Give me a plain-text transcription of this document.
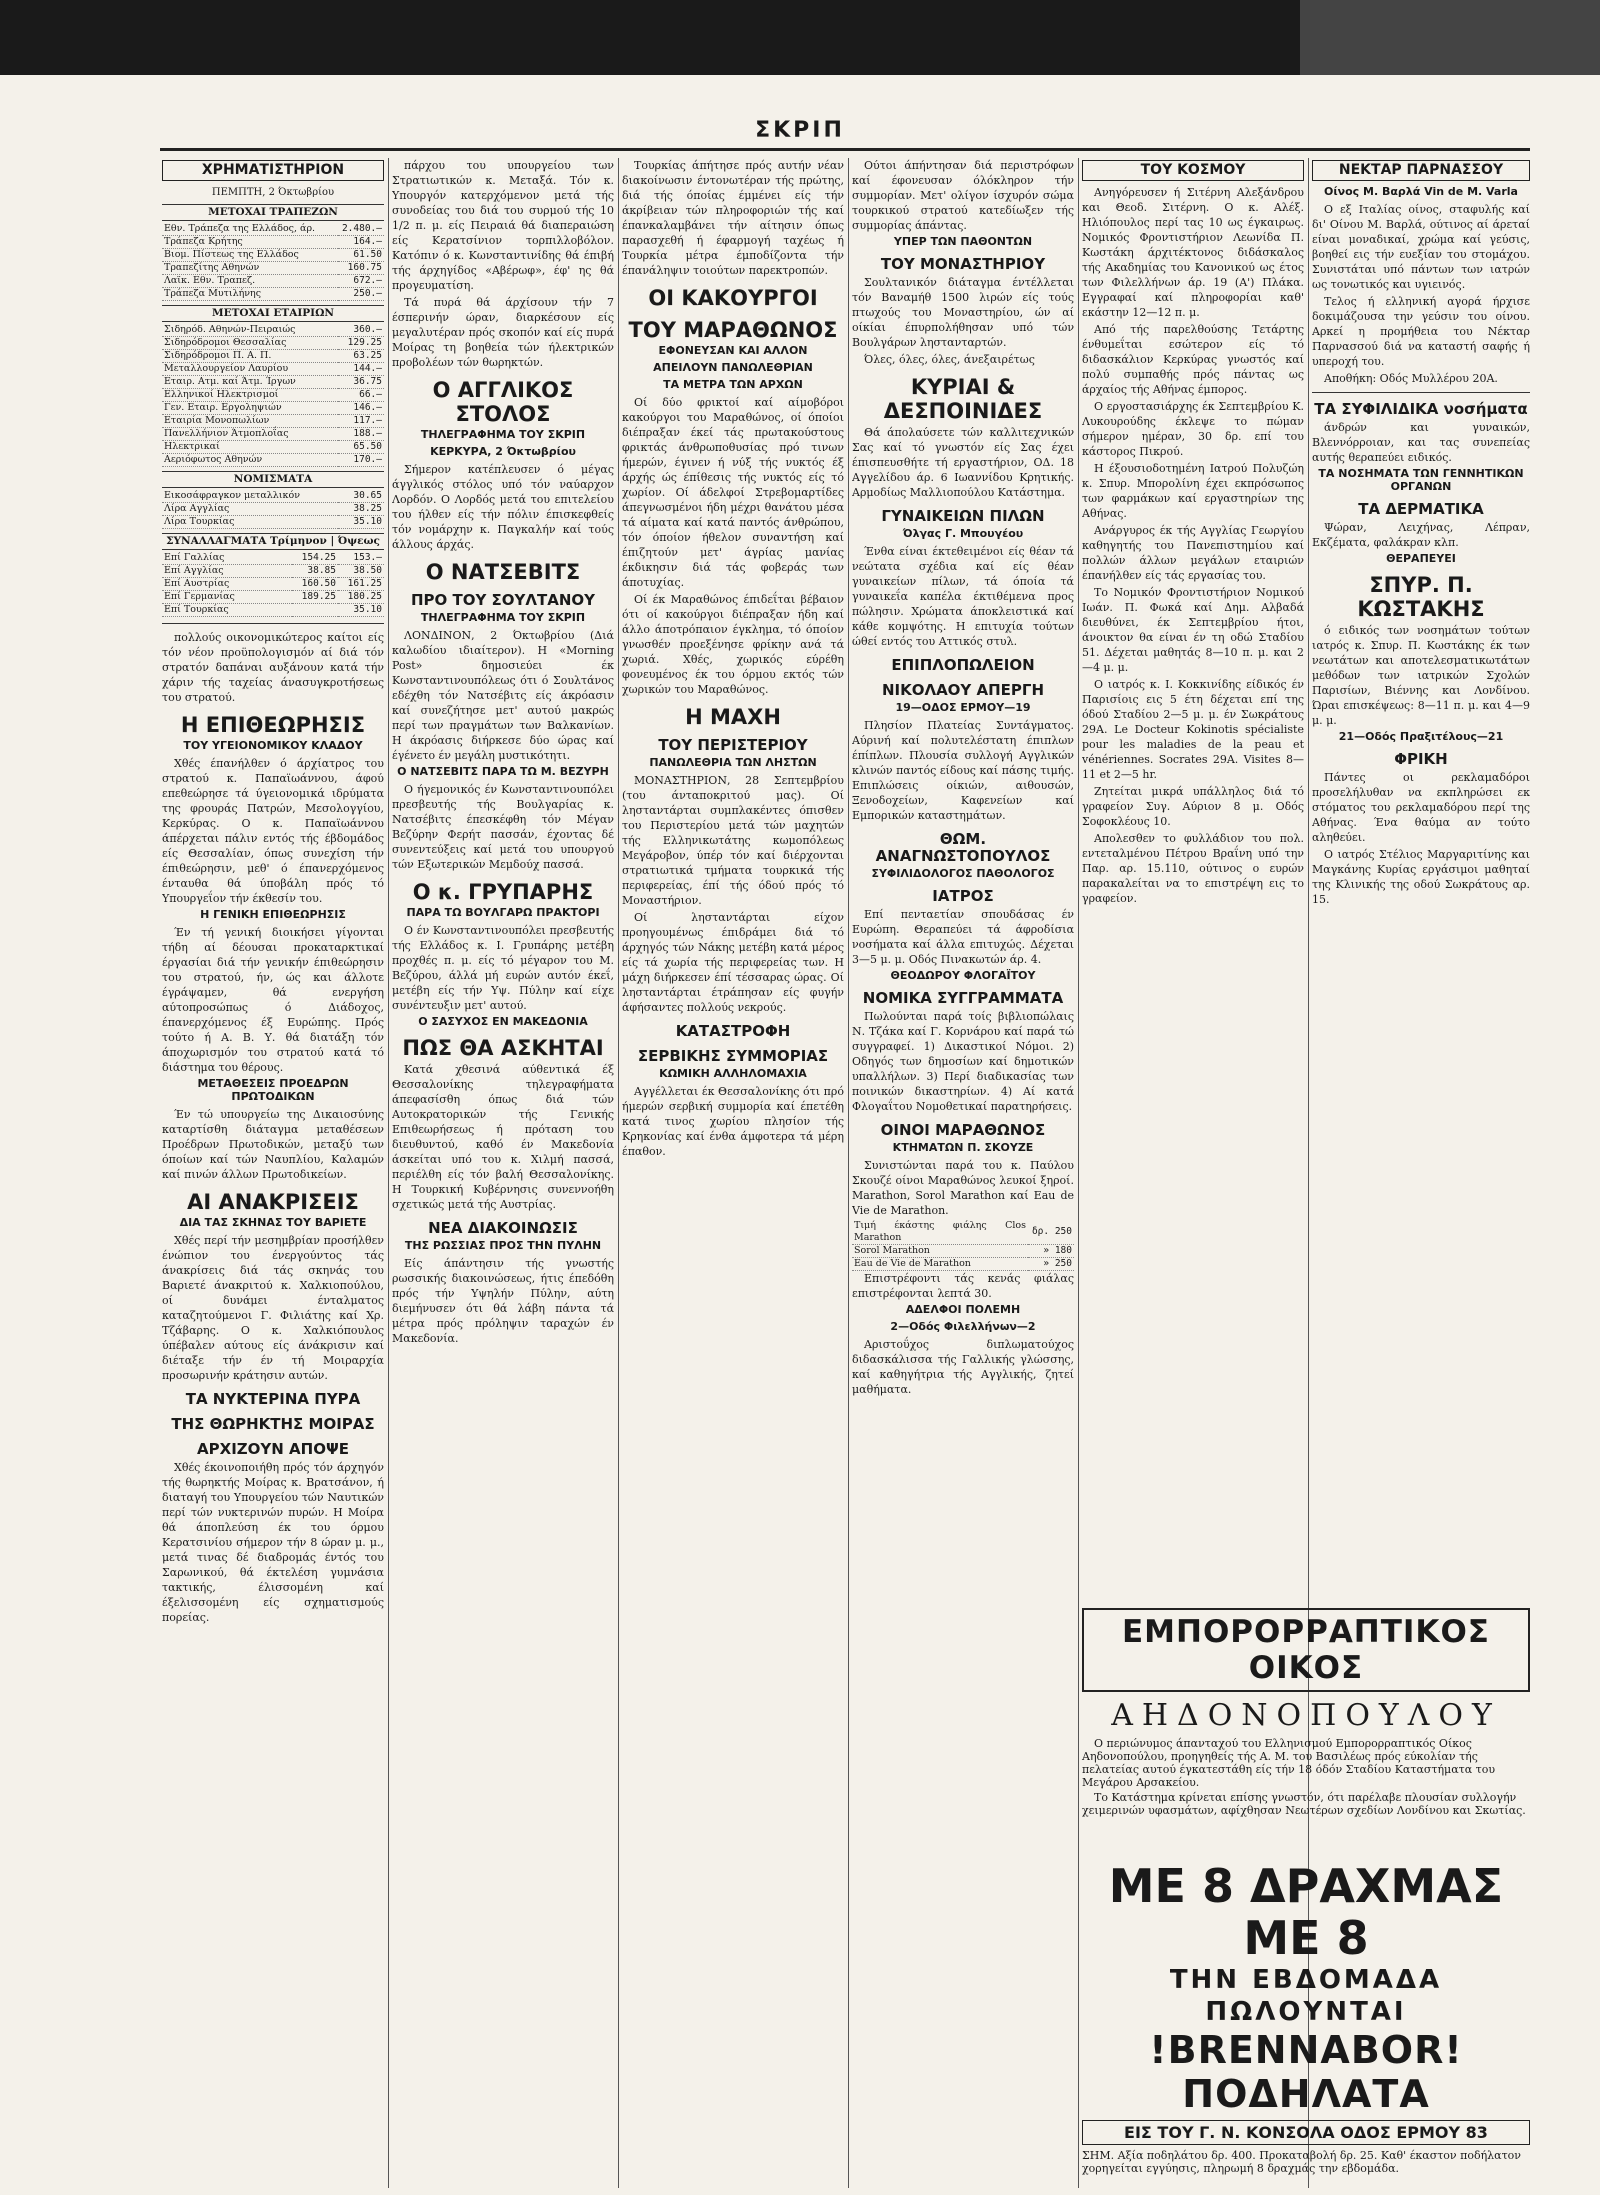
ΣΚΡΙΠ
ΧΡΗΜΑΤΙΣΤΗΡΙΟΝ
ΠΕΜΠΤΗ, 2 Όκτωβρίου
ΜΕΤΟΧΑΙ ΤΡΑΠΕΖΩΝ
Εθν. Τράπεζα της Ελλάδος, άρ.	2.480.—
Τράπεζα Κρήτης	164.—
Βιομ. Πίστεως της Ελλάδος	61.50
Τραπεζίτης Αθηνών	160.75
Λαϊκ. Εθν. Τραπεζ.	672.—
Τράπεζα Μυτιλήνης	250.—
ΜΕΤΟΧΑΙ ΕΤΑΙΡΙΩΝ
Σιδηρόδ. Αθηνών-Πειραιώς	360.—
Σιδηρόδρομοι Θεσσαλίας	129.25
Σιδηρόδρομοι Π. Α. Π.	63.25
Μεταλλουργείον Λαυρίου	144.—
Εταιρ. Ατμ. καί Άτμ. Ίργων	36.75
Ελληνικοί Ηλεκτρισμοί	66.—
Γεν. Εταιρ. Εργοληψιών	146.—
Εταιρία Μονοπωλίων	117.—
Πανελλήνιον Άτμοπλοΐας	188.—
Ηλεκτρικαί	65.50
Αεριόφωτος Αθηνών	170.—
ΝΟΜΙΣΜΑΤΑ
Εικοσάφραγκον μεταλλικόν	30.65
Λίρα Αγγλίας	38.25
Λίρα Τουρκίας	35.10
ΣΥΝΑΛΛΑΓΜΑΤΑ Τρίμηνον | Όψεως
Επί Γαλλίας	154.25	153.—
Επί Αγγλίας	38.85	38.50
Επί Αυστρίας	160.50	161.25
Επί Γερμανίας	189.25	180.25
Επί Τουρκίας		35.10

πολλούς οικονομικώτερος καίτοι είς τόν νέον προϋπολογισμόν αί διά τόν στρατόν δαπάναι αυξάνουν κατά τήν χάριν τής ταχείας άνασυγκροτήσεως του στρατού.

Η ΕΠΙΘΕΩΡΗΣΙΣ
ΤΟΥ ΥΓΕΙΟΝΟΜΙΚΟΥ ΚΛΑΔΟΥ

Χθές έπανήλθεν ό άρχίατρος του στρατού κ. Παπαϊωάννου, άφού επεθεώρησε τά ύγειονομικά ιδρύματα της φρουράς Πατρών, Μεσολογγίου, Κερκύρας. Ο κ. Παπαϊωάννου άπέρχεται πάλιν εντός τής έβδομάδος είς Θεσσαλίαν, όπως συνεχίση τήν έπιθεώρησιν, μεθ' ό έπανερχόμενος ένταυθα θά ύποβάλη πρός τό Υπουργεΐον τήν έκθεσίν του.

Η ΓΕΝΙΚΗ ΕΠΙΘΕΩΡΗΣΙΣ

Έν τή γενική διοικήσει γίγονται τήδη αί δέουσαι προκαταρκτικαί έργασίαι διά τήν γενικήν έπιθεώρησιν του στρατού, ήν, ώς και άλλοτε έγράψαμεν, θά ενεργήση αύτοπροσώπως ό Διάδοχος, έπανερχόμενος έξ Ευρώπης. Πρός τούτο ή Α. Β. Υ. θά διατάξη τόν άποχωρισμόν του στρατού κατά τό διάστημα του θέρους.

ΜΕΤΑΘΕΣΕΙΣ ΠΡΟΕΔΡΩΝ ΠΡΩΤΟΔΙΚΩΝ

Έν τώ υπουργείω της Δικαιοσύνης καταρτίσθη διάταγμα μεταθέσεων Προέδρων Πρωτοδικών, μεταξύ των όποίων καί τών Ναυπλίου, Καλαμών καί πινών άλλων Πρωτοδικείων.

ΑΙ ΑΝΑΚΡΙΣΕΙΣ
ΔΙΑ ΤΑΣ ΣΚΗΝΑΣ ΤΟΥ ΒΑΡΙΕΤΕ

Χθές περί τήν μεσημβρίαν προσήλθεν ένώπιον του ένεργούντος τάς άνακρίσεις διά τάς σκηνάς του Βαριετέ άνακριτού κ. Χαλκιοπούλου, οί δυνάμει ένταλματος καταζητούμενοι Γ. Φιλιάτης καί Χρ. Τζάβαρης. Ο κ. Χαλκιόπουλος ύπέβαλεν αύτους είς άνάκρισιν καί διέταξε τήν έν τή Μοιραρχία προσωρινήν κράτησιν αυτών.

ΤΑ ΝΥΚΤΕΡΙΝΑ ΠΥΡΑ
ΤΗΣ ΘΩΡΗΚΤΗΣ ΜΟΙΡΑΣ
ΑΡΧΙΖΟΥΝ ΑΠΟΨΕ

Χθές έκοινοποιήθη πρός τόν άρχηγόν τής θωρηκτής Μοίρας κ. Βρατσάνον, ή διαταγή του Υπουργείου τών Ναυτικών περί τών νυκτερινών πυρών. Η Μοίρα θά άποπλεύση έκ του όρμου Κερατσινίου σήμερον τήν 8 ώραν μ. μ., μετά τινας δέ διαδρομάς έντός του Σαρωνικού, θά έκτελέση γυμνάσια τακτικής, έλισσομένη καί έξελισσομένη είς σχηματισμούς πορείας.

πάρχου του υπουργείου των Στρατιωτικών κ. Μεταξά. Τόν κ. Υπουργόν κατερχόμενον μετά τής συνοδείας του διά του συρμού τής 10 1/2 π. μ. είς Πειραιά θά διαπεραιώση είς Κερατσίνιον τορπιλλοβόλον. Κατόπιν ό κ. Κωνσταντινίδης θά έπιβή τής άρχηγίδος «Αβέρωφ», έφ' ης θά προγευματίση.

Τά πυρά θά άρχίσουν τήν 7 έσπερινήν ώραν, διαρκέσουν είς μεγαλυτέραν πρός σκοπόν καί είς πυρά Μοίρας τη βοηθεία τών ήλεκτρικών προβολέων τών θωρηκτών.

Ο ΑΓΓΛΙΚΟΣ ΣΤΟΛΟΣ
ΤΗΛΕΓΡΑΦΗΜΑ ΤΟΥ ΣΚΡΙΠ
ΚΕΡΚΥΡΑ, 2 Όκτωβρίου

Σήμερον κατέπλευσεν ό μέγας άγγλικός στόλος υπό τόν ναύαρχον Λορδόν. Ο Λορδός μετά του επιτελείου του ήλθεν είς τήν πόλιν έπισκεφθείς τόν νομάρχην κ. Παγκαλήν καί τούς άλλους άρχάς.

Ο ΝΑΤΣΕΒΙΤΣ
ΠΡΟ ΤΟΥ ΣΟΥΛΤΑΝΟΥ
ΤΗΛΕΓΡΑΦΗΜΑ ΤΟΥ ΣΚΡΙΠ

ΛΟΝΔΙΝΟΝ, 2 Όκτωβρίου (Διά καλωδίου ιδιαίτερον). Η «Morning Post» δημοσιεύει έκ Κωνσταντινουπόλεως ότι ό Σουλτάνος εδέχθη τόν Νατσέβιτς είς άκρόασιν καί συνεζήτησε μετ' αυτού μακρώς περί των πραγμάτων των Βαλκανίων. Η άκρόασις διήρκεσε δύο ώρας καί έγένετο έν μεγάλη μυστικότητι.

Ο ΝΑΤΣΕΒΙΤΣ ΠΑΡΑ ΤΩ Μ. ΒΕΖΥΡΗ

Ο ήγεμονικός έν Κωνσταντινουπόλει πρεσβευτής τής Βουλγαρίας κ. Νατσέβιτς έπεσκέφθη τόν Μέγαν Βεζύρην Φερήτ πασσάν, έχοντας δέ συνεντεύξεις καί μετά του υπουργού τών Εξωτερικών Μεμδούχ πασσά.

Ο κ. ΓΡΥΠΑΡΗΣ
ΠΑΡΑ ΤΩ ΒΟΥΛΓΑΡΩ ΠΡΑΚΤΟΡΙ

Ο έν Κωνσταντινουπόλει πρεσβευτής τής Ελλάδος κ. Ι. Γρυπάρης μετέβη προχθές π. μ. είς τό μέγαρον του Μ. Βεζύρου, άλλά μή ευρών αυτόν έκεΐ, μετέβη είς τήν Υψ. Πύλην καί είχε συνέντευξιν μετ' αυτού.

Ο ΣΑΣΥΧΟΣ ΕΝ ΜΑΚΕΔΟΝΙΑ
ΠΩΣ ΘΑ ΑΣΚΗΤΑΙ

Κατά χθεσινά αύθεντικά έξ Θεσσαλονίκης τηλεγραφήματα άπεφασίσθη όπως διά τών Αυτοκρατορικών τής Γενικής Επιθεωρήσεως ή πρόταση του διευθυντού, καθό έν Μακεδονία άσκείται υπό του κ. Χιλμή πασσά, περιέλθη είς τόν βαλή Θεσσαλονίκης. Η Τουρκική Κυβέρνησις συνεννοήθη σχετικώς μετά τής Αυστρίας.

ΝΕΑ ΔΙΑΚΟΙΝΩΣΙΣ
ΤΗΣ ΡΩΣΣΙΑΣ ΠΡΟΣ ΤΗΝ ΠΥΛΗΝ

Είς άπάντησιν τής γνωστής ρωσσικής διακοινώσεως, ήτις έπεδόθη πρός τήν Υψηλήν Πύλην, αύτη διεμήνυσεν ότι θά λάβη πάντα τά μέτρα πρός πρόληψιν ταραχών έν Μακεδονία.

Τουρκίας άπήτησε πρός αυτήν νέαν διακοίνωσιν έντονωτέραν τής πρώτης, διά τής όποίας έμμένει είς τήν άκρίβειαν τών πληροφοριών τής καί έπανκαλαμβάνει τήν αίτησιν όπως παρασχεθή ή έφαρμογή ταχέως ή Τουρκία μέτρα έμποδίζοντα τήν έπανάληψιν τοιούτων παρεκτροπών.

ΟΙ ΚΑΚΟΥΡΓΟΙ
ΤΟΥ ΜΑΡΑΘΩΝΟΣ
ΕΦΟΝΕΥΣΑΝ ΚΑΙ ΑΛΛΟΝ
ΑΠΕΙΛΟΥΝ ΠΑΝΩΛΕΘΡΙΑΝ
ΤΑ ΜΕΤΡΑ ΤΩΝ ΑΡΧΩΝ

Οί δύο φρικτοί καί αίμοβόροι κακούργοι του Μαραθώνος, οί όποίοι διέπραξαν έκεί τάς πρωτακούστους φρικτάς άνθρωποθυσίας πρό τινων ήμερών, έγινεν ή νύξ τής νυκτός έξ άρχής ώς έπίθεσις τής νυκτός είς τό χωρίον. Οί άδελφοί Στρεβομαρτίδες άπεγνωσμένοι ήδη μέχρι θανάτου μέσα τά αίματα καί κατά παντός άνθρώπου, τόν όποίον ήθελον συναντήση καί έπιζητούν μετ' άγρίας μανίας έκδικησιν διά τάς φοβεράς των άποτυχίας.

Οί έκ Μαραθώνος έπιδεΐται βέβαιον ότι οί κακούργοι διέπραξαν ήδη καί άλλο άποτρόπαιον έγκλημα, τό όποίον γνωσθέν προεξένησε φρίκην ανά τά χωριά. Χθές, χωρικός εύρέθη φονευμένος έκ του όρμου εκτός τών χωρικών του Μαραθώνος.

Η ΜΑΧΗ
ΤΟΥ ΠΕΡΙΣΤΕΡΙΟΥ
ΠΑΝΩΛΕΘΡΙΑ ΤΩΝ ΛΗΣΤΩΝ

ΜΟΝΑΣΤΗΡΙΟΝ, 28 Σεπτεμβρίου (του άνταποκριτού μας). Οί λησταντάρται συμπλακέντες όπισθεν του Περιστερίου μετά τών μαχητών τής Ελληνικωτάτης κωμοπόλεως Μεγάροβον, ύπέρ τόν καί διέρχονται στρατιωτικά τμήματα τουρκικά τής περιφερείας, έπί τής όδού πρός τό Μοναστήριον.

Οί λησταντάρται είχον προηγουμένως έπιδράμει διά τό άρχηγός τών Νάκης μετέβη κατά μέρος είς τά χωρία τής περιφερείας των. Η μάχη διήρκεσεν έπί τέσσαρας ώρας. Οί λησταντάρται έτράπησαν είς φυγήν άφήσαντες πολλούς νεκρούς.

ΚΑΤΑΣΤΡΟΦΗ
ΣΕΡΒΙΚΗΣ ΣΥΜΜΟΡΙΑΣ
ΚΩΜΙΚΗ ΑΛΛΗΛΟΜΑΧΙΑ

Αγγέλλεται έκ Θεσσαλονίκης ότι πρό ήμερών σερβική συμμορία καί έπετέθη κατά τινος χωρίου πλησίον τής Κρηκονίας καί ένθα άμφοτερα τά μέρη έπαθον.

Ούτοι άπήντησαν διά περιστρόφων καί έφονευσαν όλόκληρον τήν συμμορίαν. Μετ' ολίγον ίσχυρόν σώμα τουρκικού στρατού κατεδίωξεν τής συμμορίας άπάντας.

ΥΠΕΡ ΤΩΝ ΠΑΘΟΝΤΩΝ
ΤΟΥ ΜΟΝΑΣΤΗΡΙΟΥ

Σουλτανικόν διάταγμα έντέλλεται τόν Βαναμήθ 1500 λιρών είς τούς πτωχούς του Μοναστηρίου, ών αί οίκίαι έπυρπολήθησαν υπό τών Βουλγάρων ληστανταρτών.

Όλες, όλες, όλες, άνεξαιρέτως

ΚΥΡΙΑΙ & ΔΕΣΠΟΙΝΙΔΕΣ

Θά άπολαύσετε τών καλλιτεχνικών Σας καί τό γνωστόν είς Σας έχει έπισπευσθήτε τή εργαστήριον, ΟΔ. 18 Αγγελίδου άρ. 6 Ιωαννίδου Κρητικής. Αρμοδίως Μαλλιοπούλου Κατάστημα.

ΓΥΝΑΙΚΕΙΩΝ ΠΙΛΩΝ
Όλγας Γ. Μπουγέου

Ένθα είναι έκτεθειμένοι είς θέαν τά νεώτατα σχέδια καί είς θέαν γυναικείων πίλων, τά όποία τά γυναικεΐα καπέλα έκτιθέμενα προς πώλησιν. Χρώματα άποκλειστικά καί κάθε κομψότης. Η επιτυχία τούτων ώθεί εντός του Αττικός στυλ.

ΕΠΙΠΛΟΠΩΛΕΙΟΝ
ΝΙΚΟΛΑΟΥ ΑΠΕΡΓΗ
19—ΟΔΟΣ ΕΡΜΟΥ—19

Πλησίον Πλατείας Συντάγματος. Αύρινή καί πολυτελέστατη έπιπλων έπίπλων. Πλουσία συλλογή Αγγλικών κλινών παντός είδους καί πάσης τιμής. Επιπλώσεις οίκιών, αιθουσών, Ξενοδοχείων, Καφενείων καί Εμπορικών καταστημάτων.

ΘΩΜ. ΑΝΑΓΝΩΣΤΟΠΟΥΛΟΣ
ΣΥΦΙΛΙΔΟΛΟΓΟΣ ΠΑΘΟΛΟΓΟΣ
ΙΑΤΡΟΣ

Επί πενταετίαν σπουδάσας έν Ευρώπη. Θεραπεύει τά άφροδίσια νοσήματα καί άλλα επιτυχώς. Δέχεται 3—5 μ. μ. Οδός Πινακωτών άρ. 4.

ΘΕΟΔΩΡΟΥ ΦΛΟΓΑΪΤΟΥ
ΝΟΜΙΚΑ ΣΥΓΓΡΑΜΜΑΤΑ

Πωλούνται παρά τοίς βιβλιοπώλαις Ν. Τζάκα καί Γ. Κορνάρου καί παρά τώ συγγραφεί. 1) Δικαστικοί Νόμοι. 2) Οδηγός των δημοσίων καί δημοτικών υπαλλήλων. 3) Περί διαδικασίας των ποινικών δικαστηρίων. 4) Αί κατά Φλογαΐτου Νομοθετικαί παρατηρήσεις.

ΟΙΝΟΙ ΜΑΡΑΘΩΝΟΣ
ΚΤΗΜΑΤΩΝ Π. ΣΚΟΥΖΕ

Συνιστώνται παρά του κ. Παύλου Σκουζέ οίνοι Μαραθώνος λευκοί ξηροί. Marathon, Sorol Marathon καί Eau de Vie de Marathon.

Τιμή έκάστης φιάλης Clos Marathon	δρ. 250
Sorol Marathon	» 180
Eau de Vie de Marathon	» 250

Επιστρέφοντι τάς κενάς φιάλας επιστρέφονται λεπτά 30.

ΑΔΕΛΦΟΙ ΠΟΛΕΜΗ
2—Οδός Φιλελλήνων—2

Αριστοΰχος διπλωματούχος διδασκάλισσα τής Γαλλικής γλώσσης, καί καθηγήτρια τής Αγγλικής, ζητεί μαθήματα.

ΤΟΥ ΚΟΣΜΟΥ

Ανηγόρευσεν ή Σιτέρνη Αλεξάνδρου και Θεοδ. Σιτέρνη. Ο κ. Αλέξ. Ηλιόπουλος περί τας 10 ως έγκαιρως. Νομικός Φροντιστήριον Λεωνίδα Π. Κωστάκη άρχιτέκτονος διδάσκαλος τής Ακαδημίας του Κανονικού ως έτος των Φιλελλήνων άρ. 19 (Α') Πλάκα. Εγγραφαί καί πληροφορίαι καθ' εκάστην 12—12 π. μ.

Από τής παρελθούσης Τετάρτης ένθυμεΐται εσώτερον είς τό διδασκάλιον Κερκύρας γνωστός καί πολύ συμπαθής πρός πάντας ως άρχαίος τής Αθήνας έμπορος.

Ο εργοστασιάρχης έκ Σεπτεμβρίου Κ. Λυκουρούδης έκλεψε το πώμαν σήμερον ημέραν, 30 δρ. επί του κάστορος Πικρού.

Η έξουσιοδοτημένη Ιατρού Πολυζώη κ. Σπυρ. Μπορολίνη έχει εκπρόσωπος των φαρμάκων καί εργαστηρίων της Αθήνας.

Ανάργυρος έκ τής Αγγλίας Γεωργίου καθηγητής του Πανεπιστημίου καί πολλών άλλων μεγάλων εταιριών έπανήλθεν είς τάς εργασίας του.

Το Νομικόν Φροντιστήριον Νομικού Ιωάν. Π. Φωκά καί Δημ. Αλβαδά διευθύνει, έκ Σεπτεμβρίου ήτοι, άνοικτον θα είναι έν τη οδώ Σταδίου 51. Δέχεται μαθητάς 8—10 π. μ. και 2—4 μ. μ.

Ο ιατρός κ. Ι. Κοκκινίδης είδικός έν Παρισίοις εις 5 έτη δέχεται επί της όδού Σταδίου 2—5 μ. μ. έν Σωκράτους 29Α. Le Docteur Kokinotis spécialiste pour les maladies de la peau et vénériennes. Socrates 29A. Visites 8—11 et 2—5 hr.

Ζητείται μικρά υπάλληλος διά τό γραφείον Συγ. Αύριον 8 μ. Οδός Σοφοκλέους 10.

Απολεσθεν το φυλλάδιον του πολ. εντεταλμένου Πέτρου Βραΐνη υπό την Παρ. αρ. 15.110, ούτινος ο ευρών παρακαλείται να το επιστρέψη εις το γραφείον.

ΝΕΚΤΑΡ ΠΑΡΝΑΣΣΟΥ
Οίνος Μ. Βαρλά Vin de M. Varla

Ο εξ Ιταλίας οίνος, σταφυλής καί δι' Οίνου Μ. Βαρλά, ούτινος αί άρεταί είναι μοναδικαί, χρώμα καί γεύσις, βοηθεί εις τήν ευεξίαν του στομάχου. Συνιστάται υπό πάντων των ιατρών ως τονωτικός και υγιεινός.

Τελος ή ελληνική αγορά ήρχισε δοκιμάζουσα την γεύσιν του οίνου. Αρκεί η προμήθεια του Νέκταρ Παρνασσού διά να καταστή σαφής ή υπεροχή του.

Αποθήκη: Οδός Μυλλέρου 20Α.

ΤΑ ΣΥΦΙΛΙΔΙΚΑ νοσήματα

άνδρών και γυναικών, Βλεννόρροιαν, και τας συνεπείας αυτής θεραπεύει ειδικός.

ΤΑ ΝΟΣΗΜΑΤΑ ΤΩΝ ΓΕΝΝΗΤΙΚΩΝ ΟΡΓΑΝΩΝ
ΤΑ ΔΕΡΜΑΤΙΚΑ

Ψώραν, Λειχήνας, Λέπραν, Εκζέματα, φαλάκραν κλπ.

ΘΕΡΑΠΕΥΕΙ
ΣΠΥΡ. Π. ΚΩΣΤΑΚΗΣ

ό ειδικός των νοσημάτων τούτων ιατρός κ. Σπυρ. Π. Κωστάκης έκ των νεωτάτων και αποτελεσματικωτάτων μεθόδων των ιατρικών Σχολών Παρισίων, Βιέννης και Λονδίνου. Ώραι επισκέψεως: 8—11 π. μ. και 4—9 μ. μ.

21—Οδός Πραξιτέλους—21
ΦΡΙΚΗ

Πάντες οι ρεκλαμαδόροι προσελήλυθαν να εκπληρώσει εκ στόματος του ρεκλαμαδόρου περί της Αθήνας. Ένα θαύμα αν τούτο αληθεύει.

Ο ιατρός Στέλιος Μαργαριτίνης και Μαγκάνης Κυρίας εργάσιμοι μαθηταί της Κλινικής της οδού Σωκράτους αρ. 15.

ΕΜΠΟΡΟΡΡΑΠΤΙΚΟΣ ΟΙΚΟΣ
ΑΗΔΟΝΟΠΟΥΛΟΥ

Ο περιώνυμος άπανταχού του Ελληνισμού Εμπορορραπτικός Οίκος Αηδονοπούλου, προηγηθείς τής Α. Μ. του Βασιλέως πρός εύκολίαν τής πελατείας αυτού έγκατεστάθη είς τήν 18 όδόν Σταδίου Καταστήματα του Μεγάρου Αρσακείου.

Το Κατάστημα κρίνεται επίσης γνωστόν, ότι παρέλαβε πλουσίαν συλλογήν χειμερινών υφασμάτων, αφίχθησαν Νεωτέρων σχεδίων Λονδίνου και Σκωτίας.

ΜΕ 8 ΔΡΑΧΜΑΣ ΜΕ 8
ΤΗΝ ΕΒΔΟΜΑΔΑ ΠΩΛΟΥΝΤΑΙ
!BRENNABOR! ΠΟΔΗΛΑΤΑ
ΕΙΣ ΤΟΥ Γ. Ν. ΚΟΝΣΟΛΑ ΟΔΟΣ ΕΡΜΟΥ 83
ΣΗΜ. Αξία ποδηλάτου δρ. 400. Προκαταβολή δρ. 25. Καθ' έκαστον ποδήλατον χορηγείται εγγύησις, πληρωμή 8 δραχμάς την εβδομάδα.
